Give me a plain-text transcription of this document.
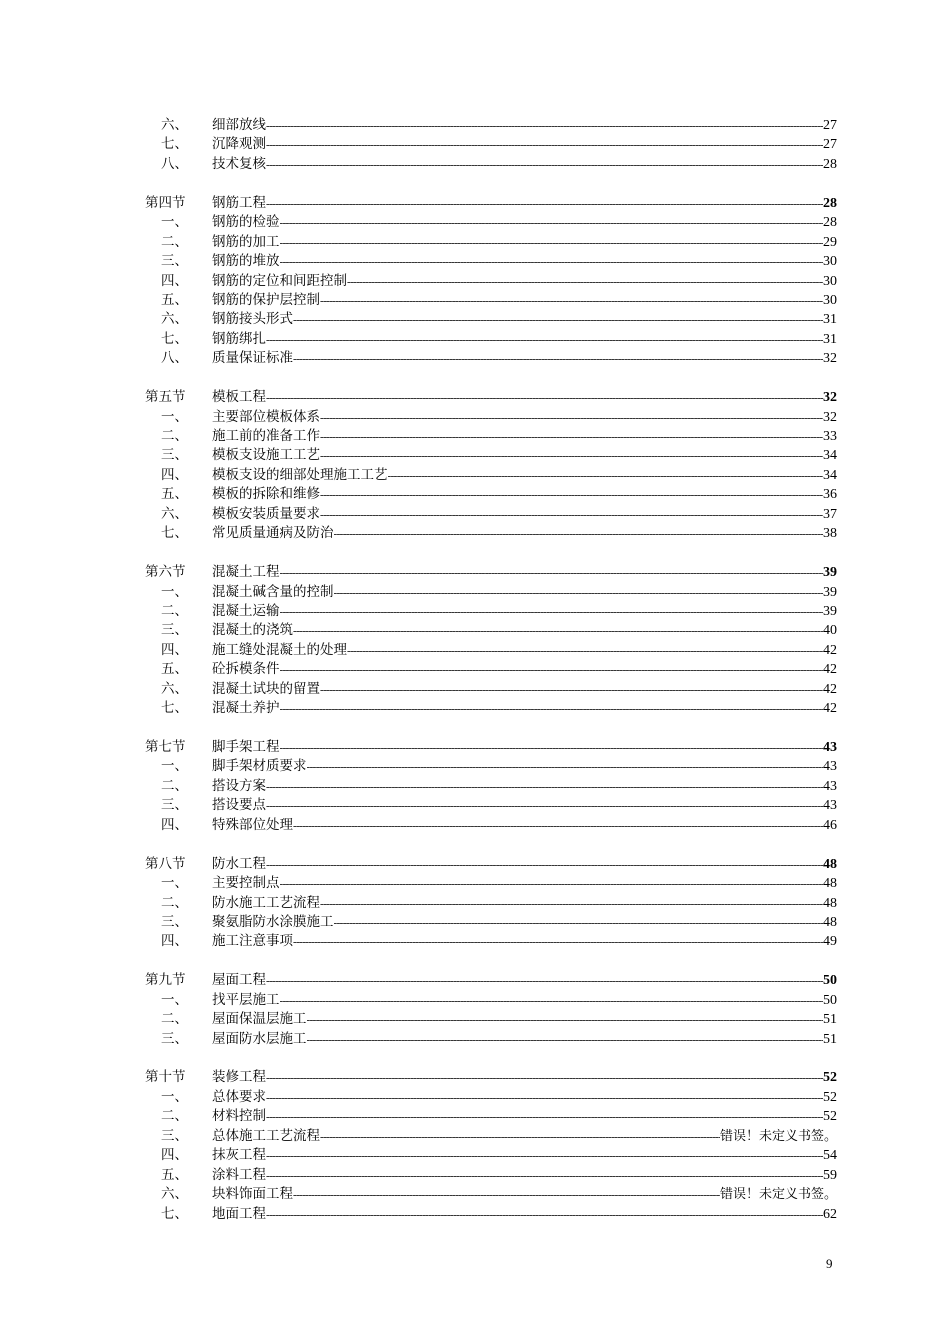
六、	细部放线 -----	27
七、	沉降观测 -----	27
八、	技术复核 -----	28
第四节	钢筋工程 -----	28
一、	钢筋的检验 -----	28
二、	钢筋的加工 -----	29
三、	钢筋的堆放 -----	30
四、	钢筋的定位和间距控制 -----	30
五、	钢筋的保护层控制 -----	30
六、	钢筋接头形式 -----	31
七、	钢筋绑扎 -----	31
八、	质量保证标准 -----	32
第五节	模板工程 -----	32
一、	主要部位模板体系 -----	32
二、	施工前的准备工作 -----	33
三、	模板支设施工工艺 -----	34
四、	模板支设的细部处理施工工艺 -----	34
五、	模板的拆除和维修 -----	36
六、	模板安装质量要求 -----	37
七、	常见质量通病及防治 -----	38
第六节	混凝土工程 -----	39
一、	混凝土碱含量的控制 -----	39
二、	混凝土运输 -----	39
三、	混凝土的浇筑 -----	40
四、	施工缝处混凝土的处理 -----	42
五、	砼拆模条件 -----	42
六、	混凝土试块的留置 -----	42
七、	混凝土养护 -----	42
第七节	脚手架工程 -----	43
一、	脚手架材质要求 -----	43
二、	搭设方案 -----	43
三、	搭设要点 -----	43
四、	特殊部位处理 -----	46
第八节	防水工程 -----	48
一、	主要控制点 -----	48
二、	防水施工工艺流程 -----	48
三、	聚氨脂防水涂膜施工 -----	48
四、	施工注意事项 -----	49
第九节	屋面工程 -----	50
一、	找平层施工 -----	50
二、	屋面保温层施工 -----	51
三、	屋面防水层施工 -----	51
第十节	装修工程 -----	52
一、	总体要求 -----	52
二、	材料控制 -----	52
三、	总体施工工艺流程 -----	错误！未定义书签。
四、	抹灰工程 -----	54
五、	涂料工程 -----	59
六、	块料饰面工程 -----	错误！未定义书签。
七、	地面工程 -----	62
9
